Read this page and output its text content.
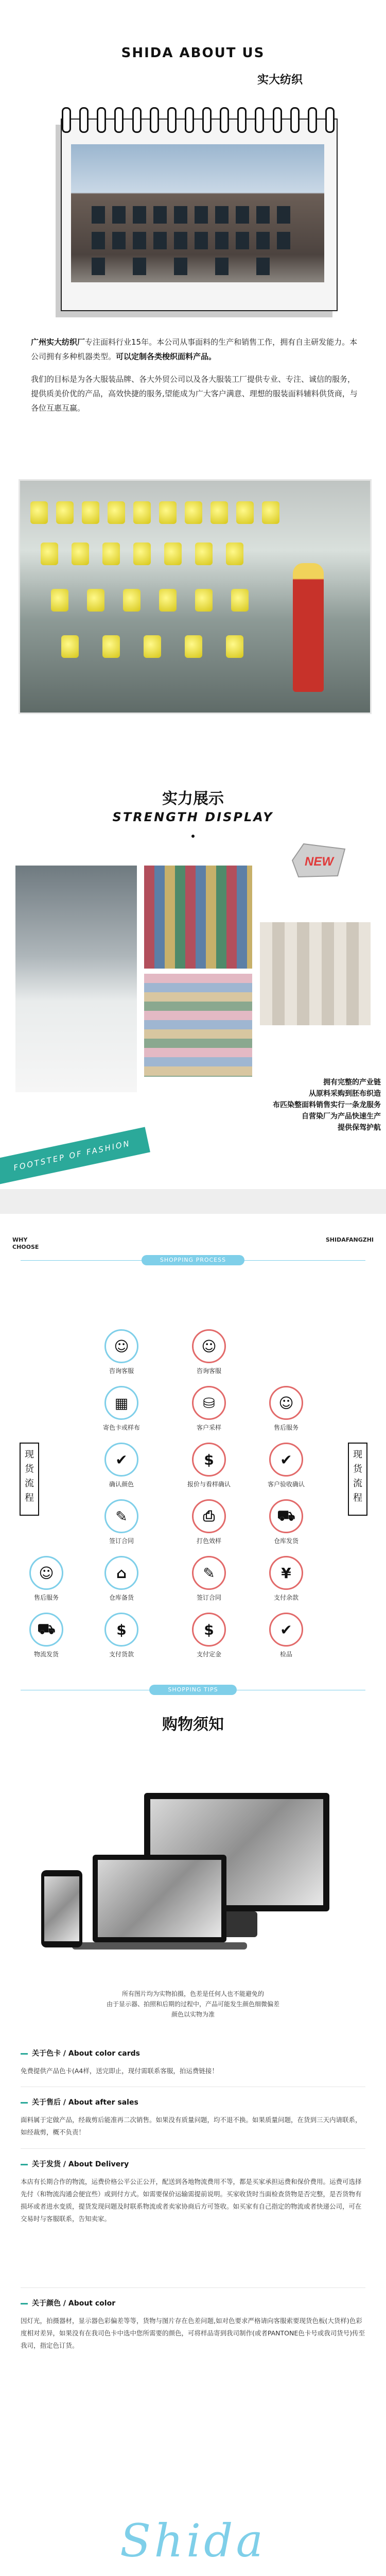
SHIDA ABOUT US
实大纺织

广州实大纺织厂专注面料行业15年。本公司从事面料的生产和销售工作，拥有自主研发能力。本公司拥有多种机器类型。可以定制各类梭织面料产品。

我们的目标是为各大服装品牌、各大外贸公司以及各大服装工厂提供专业、专注、诚信的服务，提供质美价优的产品，高效快捷的服务,望能成为广大客户满意、理想的服装面料辅料供货商，与各位互惠互赢。

实力展示
STRENGTH DISPLAY
NEW
拥有完整的产业链
从原料采购到胚布织造
布匹染整面料销售实行一条龙服务
自营染厂为产品快速生产
提供保驾护航
FOOTSTEP OF FASHION
WHY
CHOOSE
SHIDAFANGZHI
SHOPPING PROCESS
现货流程
现货流程
☺
咨询客服
▦
寄色卡或样布
✔
确认颜色
✎
签订合同
⌂
仓库备货
$
支付货款
☺
售后服务
⛟
物流发货
☺
咨询客服
⛁
客户采样
$
报价与看样确认
⎙
打色效样
✎
签订合同
$
支付定金
☺
售后服务
✔
客户验收确认
⛟
仓库发货
¥
支付余款
✔
检品
SHOPPING TIPS
购物须知
所有图片均为实物拍摄，色差是任何人也不能避免的
由于显示器、拍照和后期的过程中，产品可能发生颜色细微偏差
颜色以实物为准
关于色卡 / About color cards
免费提供产品色卡(A4样，送完即止，现付需联系客服，拍运费链接！
关于售后 / About after sales
面料属于定做产品，经裁剪后能准再二次销售。如果没有质量问题，均不退不换。如果质量问题，在货到三天内请联系，如经裁剪，概不负责！
关于发货 / About Delivery
本店有长期合作的物流，运费价格公平公正公开，配送到各地物流费用不等，都是买家承担运费和保价费用。运费可选择先付（和物流沟通会便宜些）或到付方式。如需要保价运输需提前说明。买家收货时当面检查货物是否完整，是否货物有损坏或者进水变质，提货发现问题及时联系物流或者卖家协商后方可签收。如买家有自己指定的物流或者快递公司，可在交易时与客服联系，告知卖家。
关于颜色 / About color
因灯光，拍摄器材，显示器色彩偏差等等，货物与图片存在色差问题,如对色要求严格请向客服索要现货色板(大货样)色彩度相对差异，如果没有在我司色卡中选中您所需要的颜色，可将样品寄到我司制作(或者PANTONE色卡号或我司货号)传至我司，指定色订货。
Shida
